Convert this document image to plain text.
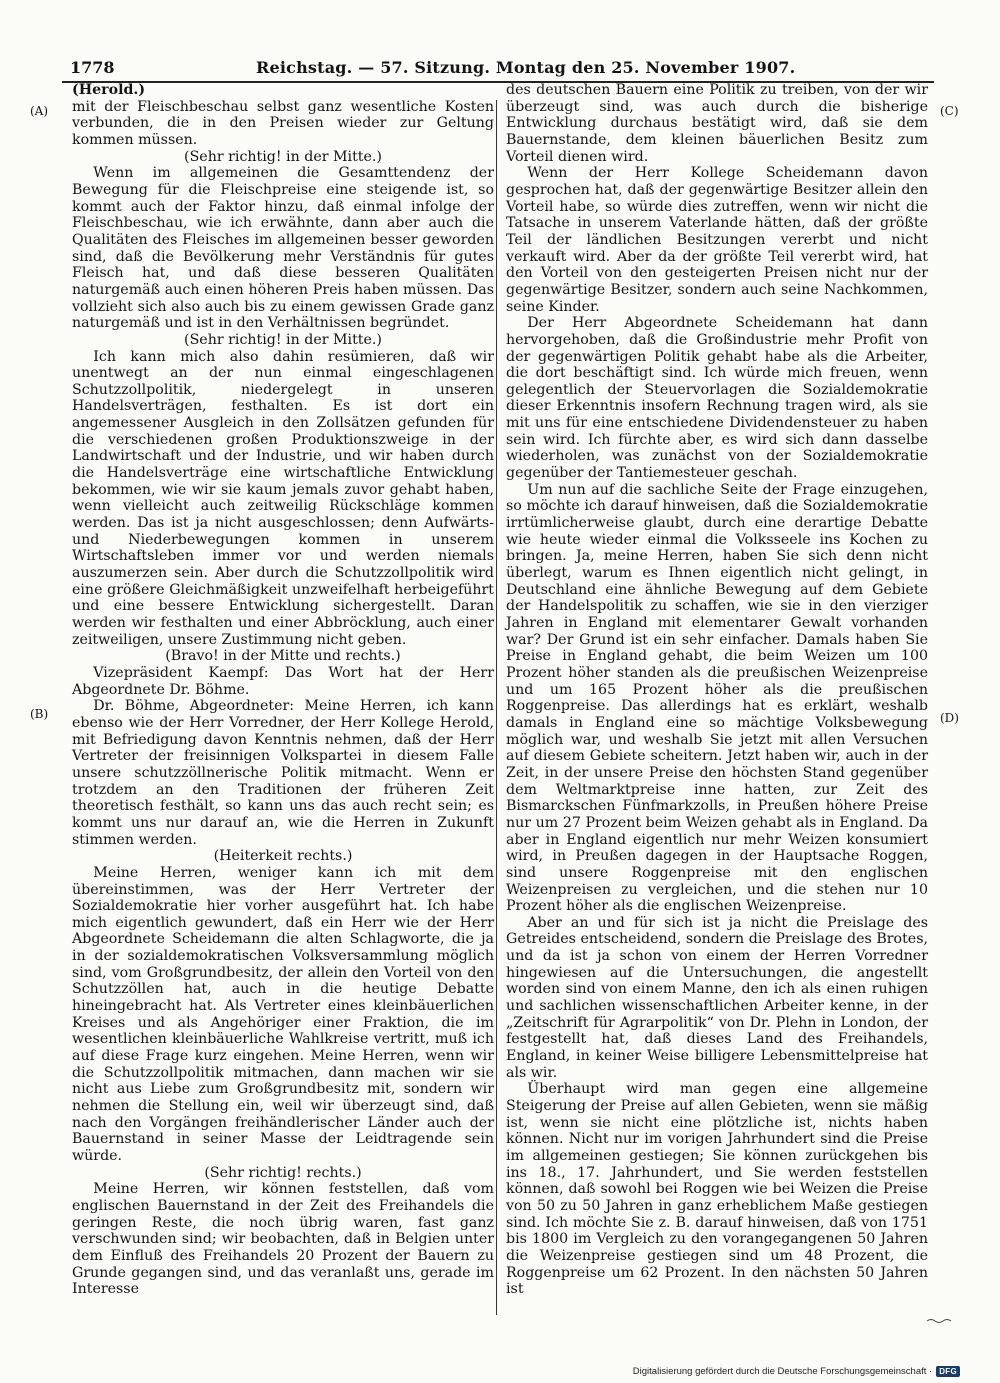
1778	Reichstag. — 57. Sitzung. Montag den 25. November 1907.
(A)
(B)
(C)
(D)

(Herold.)

mit der Fleischbeschau selbst ganz wesentliche Kosten verbunden, die in den Preisen wieder zur Geltung kommen müssen.

(Sehr richtig! in der Mitte.)

Wenn im allgemeinen die Gesamttendenz der Bewegung für die Fleischpreise eine steigende ist, so kommt auch der Faktor hinzu, daß einmal infolge der Fleischbeschau, wie ich erwähnte, dann aber auch die Qualitäten des Fleisches im allgemeinen besser geworden sind, daß die Bevölkerung mehr Verständnis für gutes Fleisch hat, und daß diese besseren Qualitäten naturgemäß auch einen höheren Preis haben müssen. Das vollzieht sich also auch bis zu einem gewissen Grade ganz naturgemäß und ist in den Verhältnissen begründet.

(Sehr richtig! in der Mitte.)

Ich kann mich also dahin resümieren, daß wir unentwegt an der nun einmal eingeschlagenen Schutzzollpolitik, niedergelegt in unseren Handelsverträgen, festhalten. Es ist dort ein angemessener Ausgleich in den Zollsätzen gefunden für die verschiedenen großen Produktionszweige in der Landwirtschaft und der Industrie, und wir haben durch die Handelsverträge eine wirtschaftliche Entwicklung bekommen, wie wir sie kaum jemals zuvor gehabt haben, wenn vielleicht auch zeitweilig Rückschläge kommen werden. Das ist ja nicht ausgeschlossen; denn Aufwärts- und Niederbewegungen kommen in unserem Wirtschaftsleben immer vor und werden niemals auszumerzen sein. Aber durch die Schutzzollpolitik wird eine größere Gleichmäßigkeit unzweifelhaft herbeigeführt und eine bessere Entwicklung sichergestellt. Daran werden wir festhalten und einer Abbröcklung, auch einer zeitweiligen, unsere Zustimmung nicht geben.

(Bravo! in der Mitte und rechts.)

Vizepräsident Kaempf: Das Wort hat der Herr Abgeordnete Dr. Böhme.

Dr. Böhme, Abgeordneter: Meine Herren, ich kann ebenso wie der Herr Vorredner, der Herr Kollege Herold, mit Befriedigung davon Kenntnis nehmen, daß der Herr Vertreter der freisinnigen Volkspartei in diesem Falle unsere schutzzöllnerische Politik mitmacht. Wenn er trotzdem an den Traditionen der früheren Zeit theoretisch festhält, so kann uns das auch recht sein; es kommt uns nur darauf an, wie die Herren in Zukunft stimmen werden.

(Heiterkeit rechts.)

Meine Herren, weniger kann ich mit dem übereinstimmen, was der Herr Vertreter der Sozialdemokratie hier vorher ausgeführt hat. Ich habe mich eigentlich gewundert, daß ein Herr wie der Herr Abgeordnete Scheidemann die alten Schlagworte, die ja in der sozialdemokratischen Volksversammlung möglich sind, vom Großgrundbesitz, der allein den Vorteil von den Schutzzöllen hat, auch in die heutige Debatte hineingebracht hat. Als Vertreter eines kleinbäuerlichen Kreises und als Angehöriger einer Fraktion, die im wesentlichen kleinbäuerliche Wahlkreise vertritt, muß ich auf diese Frage kurz eingehen. Meine Herren, wenn wir die Schutzzollpolitik mitmachen, dann machen wir sie nicht aus Liebe zum Großgrundbesitz mit, sondern wir nehmen die Stellung ein, weil wir überzeugt sind, daß nach den Vorgängen freihändlerischer Länder auch der Bauernstand in seiner Masse der Leidtragende sein würde.

(Sehr richtig! rechts.)

Meine Herren, wir können feststellen, daß vom englischen Bauernstand in der Zeit des Freihandels die geringen Reste, die noch übrig waren, fast ganz verschwunden sind; wir beobachten, daß in Belgien unter dem Einfluß des Freihandels 20 Prozent der Bauern zu Grunde gegangen sind, und das veranlaßt uns, gerade im Interesse

des deutschen Bauern eine Politik zu treiben, von der wir überzeugt sind, was auch durch die bisherige Entwicklung durchaus bestätigt wird, daß sie dem Bauernstande, dem kleinen bäuerlichen Besitz zum Vorteil dienen wird.

Wenn der Herr Kollege Scheidemann davon gesprochen hat, daß der gegenwärtige Besitzer allein den Vorteil habe, so würde dies zutreffen, wenn wir nicht die Tatsache in unserem Vaterlande hätten, daß der größte Teil der ländlichen Besitzungen vererbt und nicht verkauft wird. Aber da der größte Teil vererbt wird, hat den Vorteil von den gesteigerten Preisen nicht nur der gegenwärtige Besitzer, sondern auch seine Nachkommen, seine Kinder.

Der Herr Abgeordnete Scheidemann hat dann hervorgehoben, daß die Großindustrie mehr Profit von der gegenwärtigen Politik gehabt habe als die Arbeiter, die dort beschäftigt sind. Ich würde mich freuen, wenn gelegentlich der Steuervorlagen die Sozialdemokratie dieser Erkenntnis insofern Rechnung tragen wird, als sie mit uns für eine entschiedene Dividendensteuer zu haben sein wird. Ich fürchte aber, es wird sich dann dasselbe wiederholen, was zunächst von der Sozialdemokratie gegenüber der Tantiemesteuer geschah.

Um nun auf die sachliche Seite der Frage einzugehen, so möchte ich darauf hinweisen, daß die Sozialdemokratie irrtümlicherweise glaubt, durch eine derartige Debatte wie heute wieder einmal die Volksseele ins Kochen zu bringen. Ja, meine Herren, haben Sie sich denn nicht überlegt, warum es Ihnen eigentlich nicht gelingt, in Deutschland eine ähnliche Bewegung auf dem Gebiete der Handelspolitik zu schaffen, wie sie in den vierziger Jahren in England mit elementarer Gewalt vorhanden war? Der Grund ist ein sehr einfacher. Damals haben Sie Preise in England gehabt, die beim Weizen um 100 Prozent höher standen als die preußischen Weizenpreise und um 165 Prozent höher als die preußischen Roggenpreise. Das allerdings hat es erklärt, weshalb damals in England eine so mächtige Volksbewegung möglich war, und weshalb Sie jetzt mit allen Versuchen auf diesem Gebiete scheitern. Jetzt haben wir, auch in der Zeit, in der unsere Preise den höchsten Stand gegenüber dem Weltmarktpreise inne hatten, zur Zeit des Bismarckschen Fünfmarkzolls, in Preußen höhere Preise nur um 27 Prozent beim Weizen gehabt als in England. Da aber in England eigentlich nur mehr Weizen konsumiert wird, in Preußen dagegen in der Hauptsache Roggen, sind unsere Roggenpreise mit den englischen Weizenpreisen zu vergleichen, und die stehen nur 10 Prozent höher als die englischen Weizenpreise.

Aber an und für sich ist ja nicht die Preislage des Getreides entscheidend, sondern die Preislage des Brotes, und da ist ja schon von einem der Herren Vorredner hingewiesen auf die Untersuchungen, die angestellt worden sind von einem Manne, den ich als einen ruhigen und sachlichen wissenschaftlichen Arbeiter kenne, in der „Zeitschrift für Agrarpolitik“ von Dr. Plehn in London, der festgestellt hat, daß dieses Land des Freihandels, England, in keiner Weise billigere Lebensmittelpreise hat als wir.

Überhaupt wird man gegen eine allgemeine Steigerung der Preise auf allen Gebieten, wenn sie mäßig ist, wenn sie nicht eine plötzliche ist, nichts haben können. Nicht nur im vorigen Jahrhundert sind die Preise im allgemeinen gestiegen; Sie können zurückgehen bis ins 18., 17. Jahrhundert, und Sie werden feststellen können, daß sowohl bei Roggen wie bei Weizen die Preise von 50 zu 50 Jahren in ganz erheblichem Maße gestiegen sind. Ich möchte Sie z. B. darauf hinweisen, daß von 1751 bis 1800 im Vergleich zu den vorangegangenen 50 Jahren die Weizenpreise gestiegen sind um 48 Prozent, die Roggenpreise um 62 Prozent. In den nächsten 50 Jahren ist

Digitalisierung gefördert durch die Deutsche Forschungsgemeinschaft · DFG
